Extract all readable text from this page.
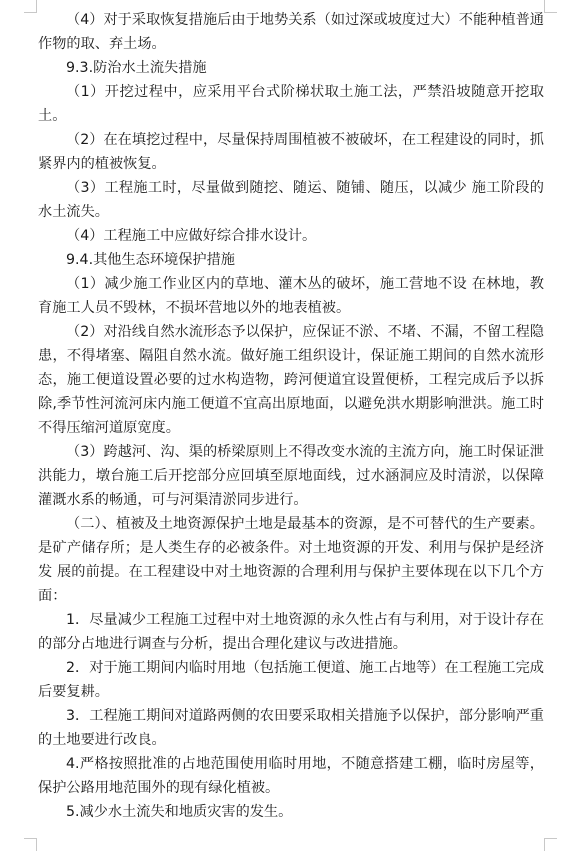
（4）对于采取恢复措施后由于地势关系（如过深或坡度过大）不能种植普通作物的取、弃土场。

9.3.防治水土流失措施

（1）开挖过程中，应采用平台式阶梯状取土施工法，严禁沿坡随意开挖取土。

（2）在在填挖过程中，尽量保持周围植被不被破坏，在工程建设的同时，抓紧界内的植被恢复。

（3）工程施工时，尽量做到随挖、随运、随铺、随压，以减少 施工阶段的水土流失。

（4）工程施工中应做好综合排水设计。

9.4.其他生态环境保护措施

（1）减少施工作业区内的草地、灌木丛的破坏，施工营地不设 在林地，教育施工人员不毁林，不损坏营地以外的地表植被。

（2）对沿线自然水流形态予以保护，应保证不淤、不堵、不漏，不留工程隐患，不得堵塞、隔阻自然水流。做好施工组织设计，保证施工期间的自然水流形态，施工便道设置必要的过水构造物，跨河便道宜设置便桥，工程完成后予以拆除,季节性河流河床内施工便道不宜高出原地面，以避免洪水期影响泄洪。施工时不得压缩河道原宽度。

（3）跨越河、沟、渠的桥梁原则上不得改变水流的主流方向，施工时保证泄洪能力，墩台施工后开挖部分应回填至原地面线，过水涵洞应及时清淤，以保障灌溉水系的畅通，可与河渠清淤同步进行。

（二）、植被及土地资源保护土地是最基本的资源，是不可替代的生产要素。是矿产储存所；是人类生存的必被条件。对土地资源的开发、利用与保护是经济发 展的前提。在工程建设中对土地资源的合理利用与保护主要体现在以下几个方面：

1．尽量减少工程施工过程中对土地资源的永久性占有与利用，对于设计存在的部分占地进行调查与分析，提出合理化建议与改进措施。

2．对于施工期间内临时用地（包括施工便道、施工占地等）在工程施工完成后要复耕。

3．工程施工期间对道路两侧的农田要采取相关措施予以保护，部分影响严重的土地要进行改良。

4.严格按照批准的占地范围使用临时用地，不随意搭建工棚，临时房屋等，保护公路用地范围外的现有绿化植被。

5.减少水土流失和地质灾害的发生。
